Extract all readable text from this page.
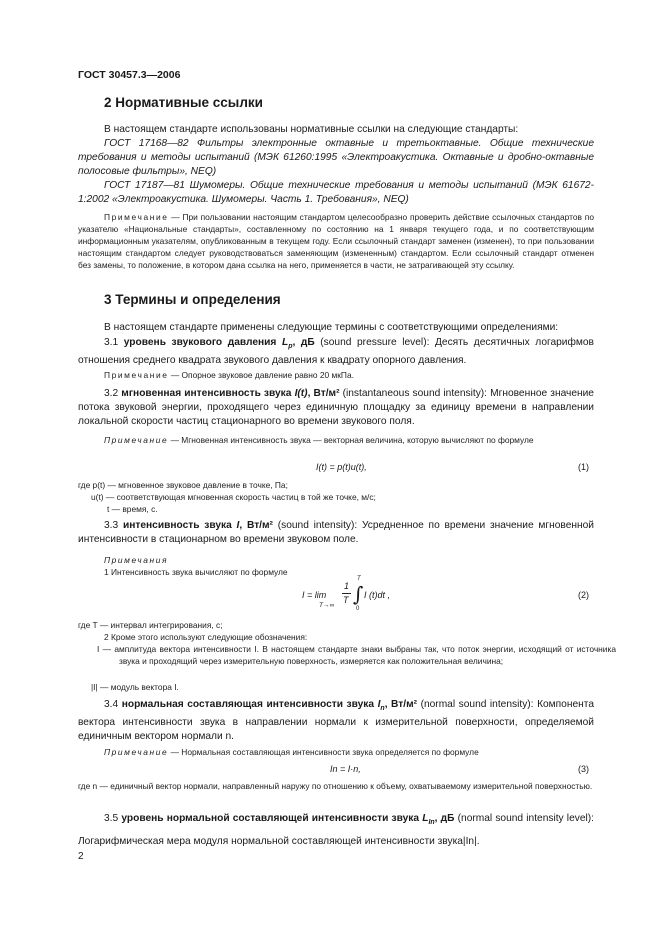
ГОСТ 30457.3—2006
2 Нормативные ссылки
В настоящем стандарте использованы нормативные ссылки на следующие стандарты:
ГОСТ 17168—82 Фильтры электронные октавные и третьоктавные. Общие технические требования и методы испытаний (МЭК 61260:1995 «Электроакустика. Октавные и дробно-октавные полосовые фильтры», NEQ)
ГОСТ 17187—81 Шумомеры. Общие технические требования и методы испытаний (МЭК 61672-1:2002 «Электроакустика. Шумомеры. Часть 1. Требования», NEQ)
Примечание — При пользовании настоящим стандартом целесообразно проверить действие ссылочных стандартов по указателю «Национальные стандарты», составленному по состоянию на 1 января текущего года, и по соответствующим информационным указателям, опубликованным в текущем году. Если ссылочный стандарт заменен (изменен), то при пользовании настоящим стандартом следует руководствоваться заменяющим (измененным) стандартом. Если ссылочный стандарт отменен без замены, то положение, в котором дана ссылка на него, применяется в части, не затрагивающей эту ссылку.
3 Термины и определения
В настоящем стандарте применены следующие термины с соответствующими определениями:
3.1 уровень звукового давления $L_p$, дБ (sound pressure level): Десять десятичных логарифмов отношения среднего квадрата звукового давления к квадрату опорного давления.
Примечание — Опорное звуковое давление равно 20 мкПа.
3.2 мгновенная интенсивность звука I(t), Вт/м² (instantaneous sound intensity): Мгновенное значение потока звуковой энергии, проходящего через единичную площадку за единицу времени в направлении локальной скорости частиц стационарного во времени звукового поля.
Примечание — Мгновенная интенсивность звука — векторная величина, которую вычисляют по формуле
I(t) = p(t)u(t),	(1)
где p(t) — мгновенное звуковое давление в точке, Па;
u(t) — соответствующая мгновенная скорость частиц в той же точке, м/с;
t — время, с.
3.3 интенсивность звука I, Вт/м² (sound intensity): Усредненное по времени значение мгновенной интенсивности в стационарном во времени звуковом поле.
Примечания
1 Интенсивность звука вычисляют по формуле
I = lim
T→∞
1
T
T
∫
0
I (t)dt ,	(2)
где T — интервал интегрирования, с;
2 Кроме этого используют следующие обозначения:
I — амплитуда вектора интенсивности I. В настоящем стандарте знаки выбраны так, что поток энергии, исходящий от источника звука и проходящий через измерительную поверхность, измеряется как положительная величина;
|I| — модуль вектора I.
3.4 нормальная составляющая интенсивности звука $I_n$, Вт/м² (normal sound intensity): Компонента вектора интенсивности звука в направлении нормали к измерительной поверхности, определяемой единичным вектором нормали n.
Примечание — Нормальная составляющая интенсивности звука определяется по формуле
In = I·n,	(3)
где n — единичный вектор нормали, направленный наружу по отношению к объему, охватываемому измерительной поверхностью.
3.5 уровень нормальной составляющей интенсивности звука $L_{In}$, дБ (normal sound intensity level): Логарифмическая мера модуля нормальной составляющей интенсивности звука|In|.
2
